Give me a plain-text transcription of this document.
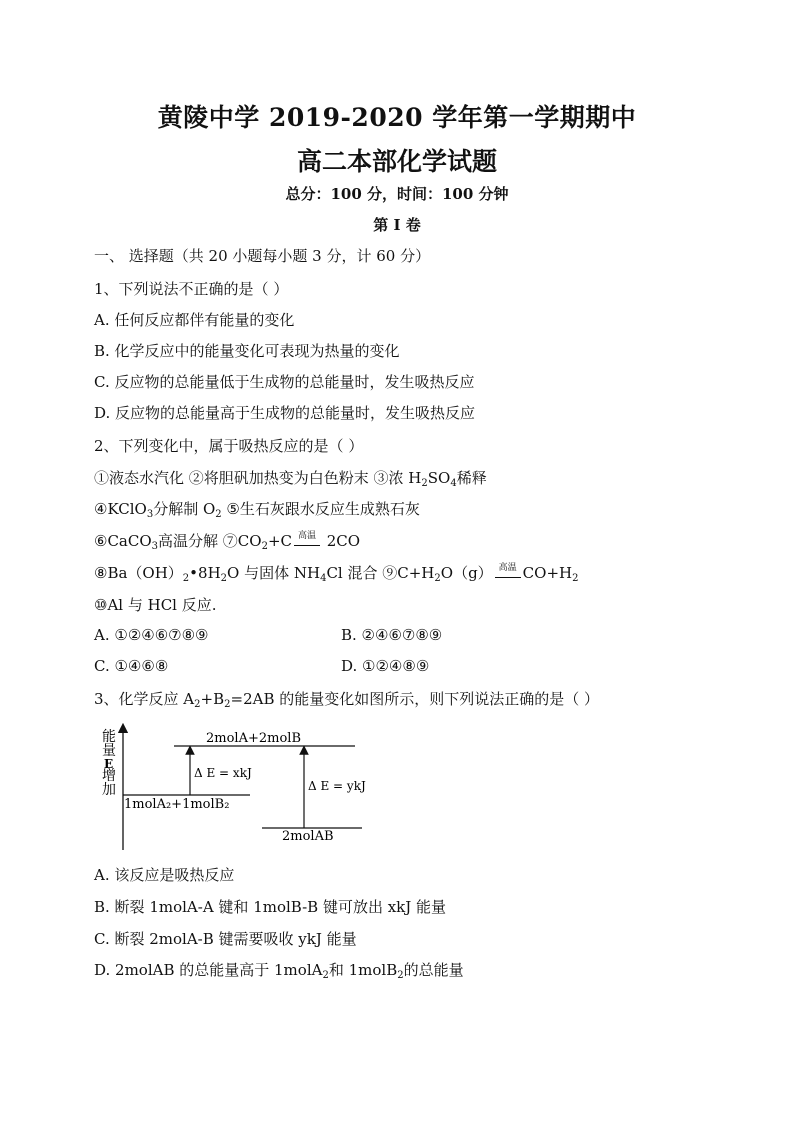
黄陵中学 2019-2020 学年第一学期期中
高二本部化学试题
总分：100 分，时间：100 分钟
第 I 卷
一、 选择题（共 20 小题每小题 3 分，计 60 分）
1、下列说法不正确的是（ ）
A. 任何反应都伴有能量的变化
B. 化学反应中的能量变化可表现为热量的变化
C. 反应物的总能量低于生成物的总能量时，发生吸热反应
D. 反应物的总能量高于生成物的总能量时，发生吸热反应
2、下列变化中，属于吸热反应的是（ ）
①液态水汽化 ②将胆矾加热变为白色粉末 ③浓 $H_2SO_4$稀释
④KClO$_3$分解制 $O_2$ ⑤生石灰跟水反应生成熟石灰
⑥CaCO$_3$高温分解 $⑦CO_2+C$ 高温 2CO
$⑧Ba(OH)_2•8H_2O$ 与固体 $NH_4Cl$ 混合 $⑨C+H_2O(g)$ 高温 $CO+H_2$
⑩Al 与 HCl 反应.
A. ①②④⑥⑦⑧⑨	B. ②④⑥⑦⑧⑨
C. ①④⑥⑧	D. ①②④⑧⑨
3、化学反应 $A_2+B_2=2AB$ 的能量变化如图所示，则下列说法正确的是（ ）
能
量
E
增
加
2molA+2molB
1molA₂+1molB₂
2molAB
Δ E = xkJ
Δ E = ykJ
A. 该反应是吸热反应
B. 断裂 1molA-A 键和 1molB-B 键可放出 xkJ 能量
C. 断裂 2molA-B 键需要吸收 ykJ 能量
D. 2molAB 的总能量高于 1molA$_2$和 1molB$_2$的总能量
